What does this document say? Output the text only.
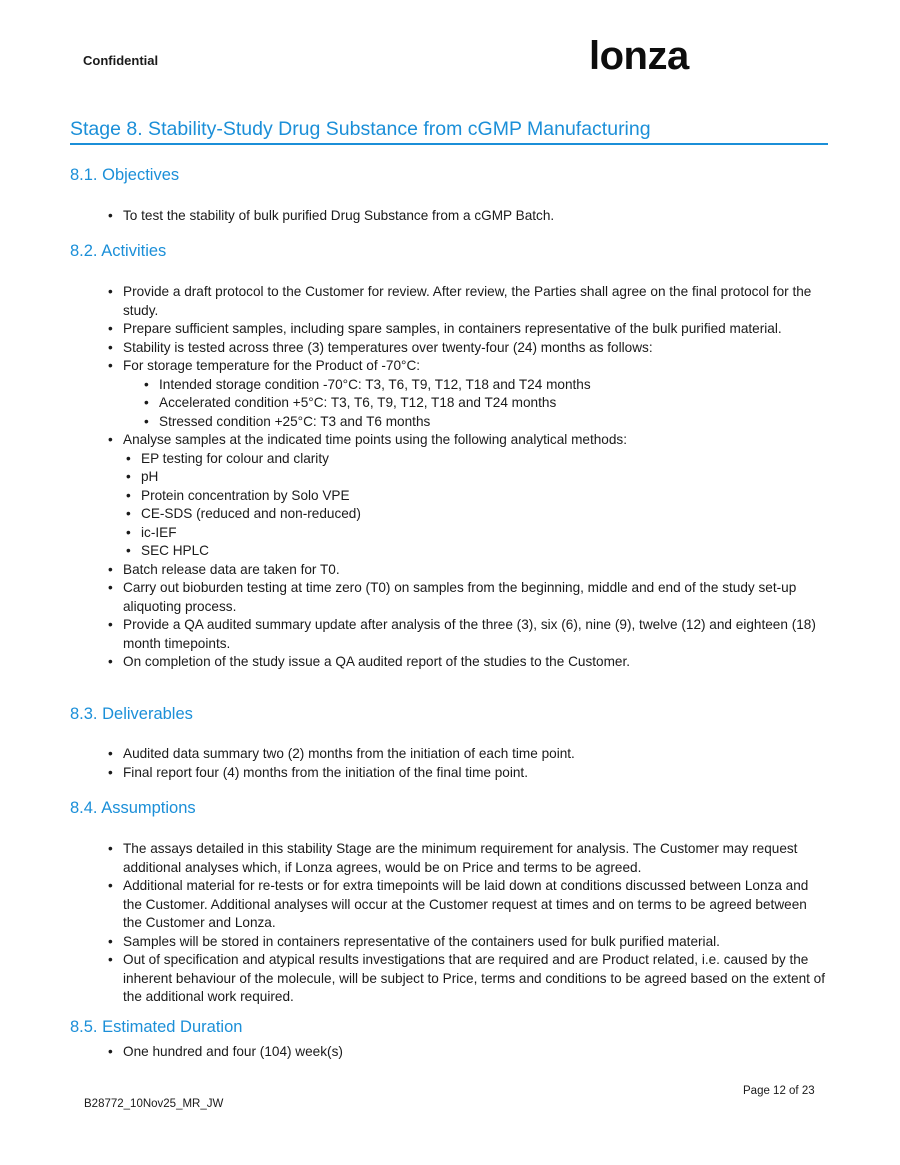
Confidential	lonza
Stage 8. Stability-Study Drug Substance from cGMP Manufacturing
8.1. Objectives
• To test the stability of bulk purified Drug Substance from a cGMP Batch.
8.2. Activities
• Provide a draft protocol to the Customer for review. After review, the Parties shall agree on the final protocol for the study.
• Prepare sufficient samples, including spare samples, in containers representative of the bulk purified material.
• Stability is tested across three (3) temperatures over twenty-four (24) months as follows:
• For storage temperature for the Product of -70°C:
• Intended storage condition -70°C: T3, T6, T9, T12, T18 and T24 months
• Accelerated condition +5°C: T3, T6, T9, T12, T18 and T24 months
• Stressed condition +25°C: T3 and T6 months
• Analyse samples at the indicated time points using the following analytical methods:
• EP testing for colour and clarity
• pH
• Protein concentration by Solo VPE
• CE-SDS (reduced and non-reduced)
• ic-IEF
• SEC HPLC
• Batch release data are taken for T0.
• Carry out bioburden testing at time zero (T0) on samples from the beginning, middle and end of the study set-up aliquoting process.
• Provide a QA audited summary update after analysis of the three (3), six (6), nine (9), twelve (12) and eighteen (18) month timepoints.
• On completion of the study issue a QA audited report of the studies to the Customer.
8.3. Deliverables
• Audited data summary two (2) months from the initiation of each time point.
• Final report four (4) months from the initiation of the final time point.
8.4. Assumptions
• The assays detailed in this stability Stage are the minimum requirement for analysis. The Customer may request additional analyses which, if Lonza agrees, would be on Price and terms to be agreed.
• Additional material for re-tests or for extra timepoints will be laid down at conditions discussed between Lonza and the Customer. Additional analyses will occur at the Customer request at times and on terms to be agreed between the Customer and Lonza.
• Samples will be stored in containers representative of the containers used for bulk purified material.
• Out of specification and atypical results investigations that are required and are Product related, i.e. caused by the inherent behaviour of the molecule, will be subject to Price, terms and conditions to be agreed based on the extent of the additional work required.
8.5. Estimated Duration
• One hundred and four (104) week(s)
Page 12 of 23
B28772_10Nov25_MR_JW
